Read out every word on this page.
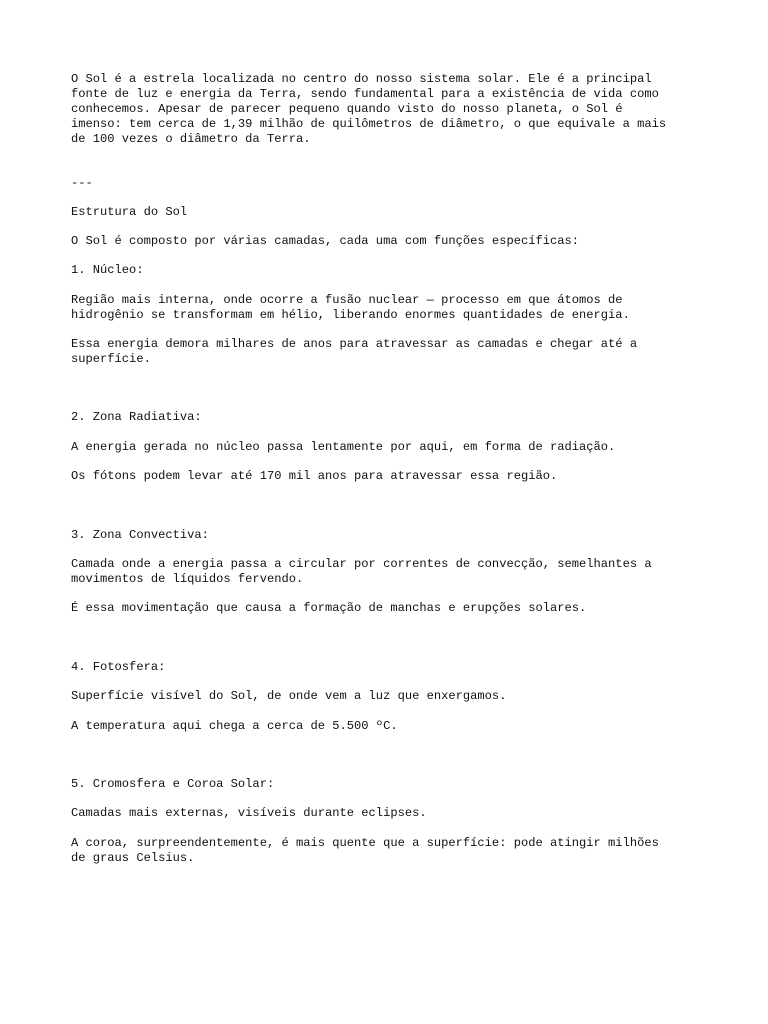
O Sol é a estrela localizada no centro do nosso sistema solar. Ele é a principal

fonte de luz e energia da Terra, sendo fundamental para a existência de vida como

conhecemos. Apesar de parecer pequeno quando visto do nosso planeta, o Sol é

imenso: tem cerca de 1,39 milhão de quilômetros de diâmetro, o que equivale a mais

de 100 vezes o diâmetro da Terra.

---

Estrutura do Sol

O Sol é composto por várias camadas, cada uma com funções específicas:

1. Núcleo:

Região mais interna, onde ocorre a fusão nuclear — processo em que átomos de

hidrogênio se transformam em hélio, liberando enormes quantidades de energia.

Essa energia demora milhares de anos para atravessar as camadas e chegar até a

superfície.

2. Zona Radiativa:

A energia gerada no núcleo passa lentamente por aqui, em forma de radiação.

Os fótons podem levar até 170 mil anos para atravessar essa região.

3. Zona Convectiva:

Camada onde a energia passa a circular por correntes de convecção, semelhantes a

movimentos de líquidos fervendo.

É essa movimentação que causa a formação de manchas e erupções solares.

4. Fotosfera:

Superfície visível do Sol, de onde vem a luz que enxergamos.

A temperatura aqui chega a cerca de 5.500 ºC.

5. Cromosfera e Coroa Solar:

Camadas mais externas, visíveis durante eclipses.

A coroa, surpreendentemente, é mais quente que a superfície: pode atingir milhões

de graus Celsius.
